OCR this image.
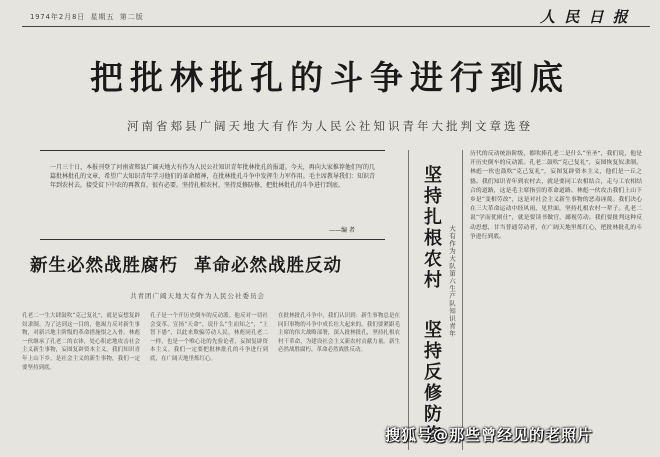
1974年2月8日 星期五 第二版	人 民 日 报
把批林批孔的斗争进行到底
河南省郏县广阔天地大有作为人民公社知识青年大批判文章选登
一月三十日，本报刊登了河南省郏县广阔天地大有作为人民公社知识青年批林批孔的报道。今天，再向大家推荐他们写的几篇批林批孔的文章，希望广大知识青年学习他们的革命精神，在批林批孔斗争中发挥生力军作用。毛主席教导我们：知识青年到农村去，接受贫下中农的再教育，很有必要。坚持扎根农村，坚持反修防修，把批林批孔的斗争进行到底。
——编 者
新生必然战胜腐朽 革命必然战胜反动
共青团广阔天地大有作为人民公社委员会
孔老二一生大肆鼓吹“克己复礼”，就是妄想复辟奴隶制。为了达到这一目的，他竭力反对新生事物，对新兴地主阶级的革命措施恨之入骨。林彪一伙继承了孔老二的衣钵，处心积虑地攻击社会主义新生事物，妄图复辟资本主义。我们知识青年上山下乡，是社会主义的新生事物，我们一定要坚持到底。
孔子是一个开历史倒车的反动派。他反对一切社会变革，宣扬“天命”，说什么“生而知之”，“上智下愚”，以此来欺骗劳动人民。林彪同孔老二一样，也是一个唯心论的先验论者，妄图复辟资本主义。我们一定要把批林批孔的斗争进行到底，在广阔天地里炼红心。
在批林批孔斗争中，我们认识到：新生事物总是在同旧事物的斗争中成长壮大起来的。我们要紧跟毛主席的伟大战略部署，深入批林批孔，坚持扎根农村干革命，为建设社会主义新农村贡献力量。新生必然战胜腐朽，革命必然战胜反动。
坚持扎根农村
坚持反修防修
大有作为大队第六生产队知识青年
历代的反动统治阶级，都吹捧孔老二是什么“至圣”，我们说，他是开历史倒车的反动派。孔老二鼓吹“克己复礼”，妄图恢复奴隶制。林彪一伙也鼓吹“克己复礼”，妄图复辟资本主义，他们是一丘之貉。我们知识青年到农村去，就是要同工农相结合，走与工农相结合的道路，这是毛主席指引的革命道路。林彪一伙攻击我们上山下乡是“变相劳改”，这是对社会主义新生事物的恶毒诬蔑。我们决心在三大革命运动中经风雨，见世面，坚持扎根农村一辈子。孔老二说“学而优则仕”，就是要读书做官，鄙视劳动。我们要批判这种反动思想，甘当普通劳动者，在广阔天地里炼红心，把批林批孔的斗争进行到底。
搜狐号@那些曾经见的老照片
